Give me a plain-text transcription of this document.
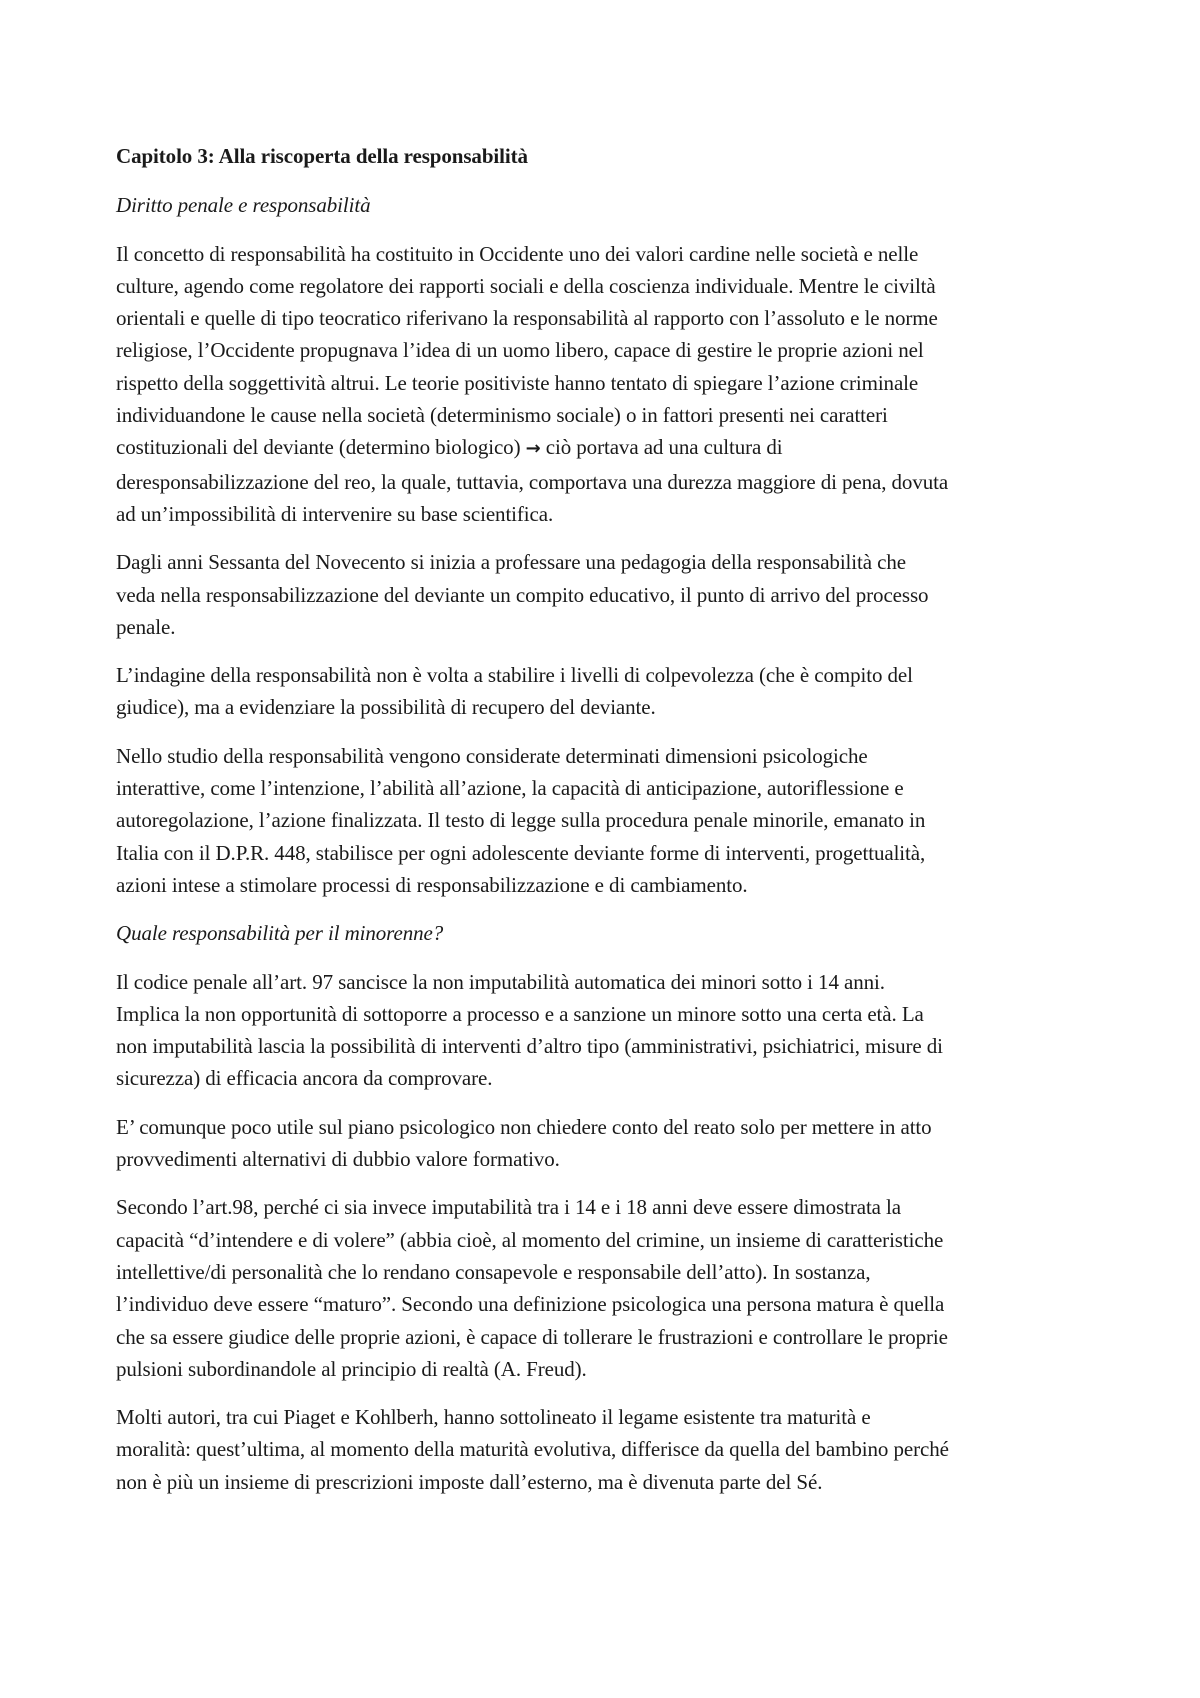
Capitolo 3: Alla riscoperta della responsabilità

Diritto penale e responsabilità

Il concetto di responsabilità ha costituito in Occidente uno dei valori cardine nelle società e nelle
culture, agendo come regolatore dei rapporti sociali e della coscienza individuale. Mentre le civiltà
orientali e quelle di tipo teocratico riferivano la responsabilità al rapporto con l’assoluto e le norme
religiose, l’Occidente propugnava l’idea di un uomo libero, capace di gestire le proprie azioni nel
rispetto della soggettività altrui. Le teorie positiviste hanno tentato di spiegare l’azione criminale
individuandone le cause nella società (determinismo sociale) o in fattori presenti nei caratteri
costituzionali del deviante (determino biologico) → ciò portava ad una cultura di
deresponsabilizzazione del reo, la quale, tuttavia, comportava una durezza maggiore di pena, dovuta
ad un’impossibilità di intervenire su base scientifica.

Dagli anni Sessanta del Novecento si inizia a professare una pedagogia della responsabilità che
veda nella responsabilizzazione del deviante un compito educativo, il punto di arrivo del processo
penale.

L’indagine della responsabilità non è volta a stabilire i livelli di colpevolezza (che è compito del
giudice), ma a evidenziare la possibilità di recupero del deviante.

Nello studio della responsabilità vengono considerate determinati dimensioni psicologiche
interattive, come l’intenzione, l’abilità all’azione, la capacità di anticipazione, autoriflessione e
autoregolazione, l’azione finalizzata. Il testo di legge sulla procedura penale minorile, emanato in
Italia con il D.P.R. 448, stabilisce per ogni adolescente deviante forme di interventi, progettualità,
azioni intese a stimolare processi di responsabilizzazione e di cambiamento.

Quale responsabilità per il minorenne?

Il codice penale all’art. 97 sancisce la non imputabilità automatica dei minori sotto i 14 anni.
Implica la non opportunità di sottoporre a processo e a sanzione un minore sotto una certa età. La
non imputabilità lascia la possibilità di interventi d’altro tipo (amministrativi, psichiatrici, misure di
sicurezza) di efficacia ancora da comprovare.

E’ comunque poco utile sul piano psicologico non chiedere conto del reato solo per mettere in atto
provvedimenti alternativi di dubbio valore formativo.

Secondo l’art.98, perché ci sia invece imputabilità tra i 14 e i 18 anni deve essere dimostrata la
capacità “d’intendere e di volere” (abbia cioè, al momento del crimine, un insieme di caratteristiche
intellettive/di personalità che lo rendano consapevole e responsabile dell’atto). In sostanza,
l’individuo deve essere “maturo”. Secondo una definizione psicologica una persona matura è quella
che sa essere giudice delle proprie azioni, è capace di tollerare le frustrazioni e controllare le proprie
pulsioni subordinandole al principio di realtà (A. Freud).

Molti autori, tra cui Piaget e Kohlberh, hanno sottolineato il legame esistente tra maturità e
moralità: quest’ultima, al momento della maturità evolutiva, differisce da quella del bambino perché
non è più un insieme di prescrizioni imposte dall’esterno, ma è divenuta parte del Sé.
